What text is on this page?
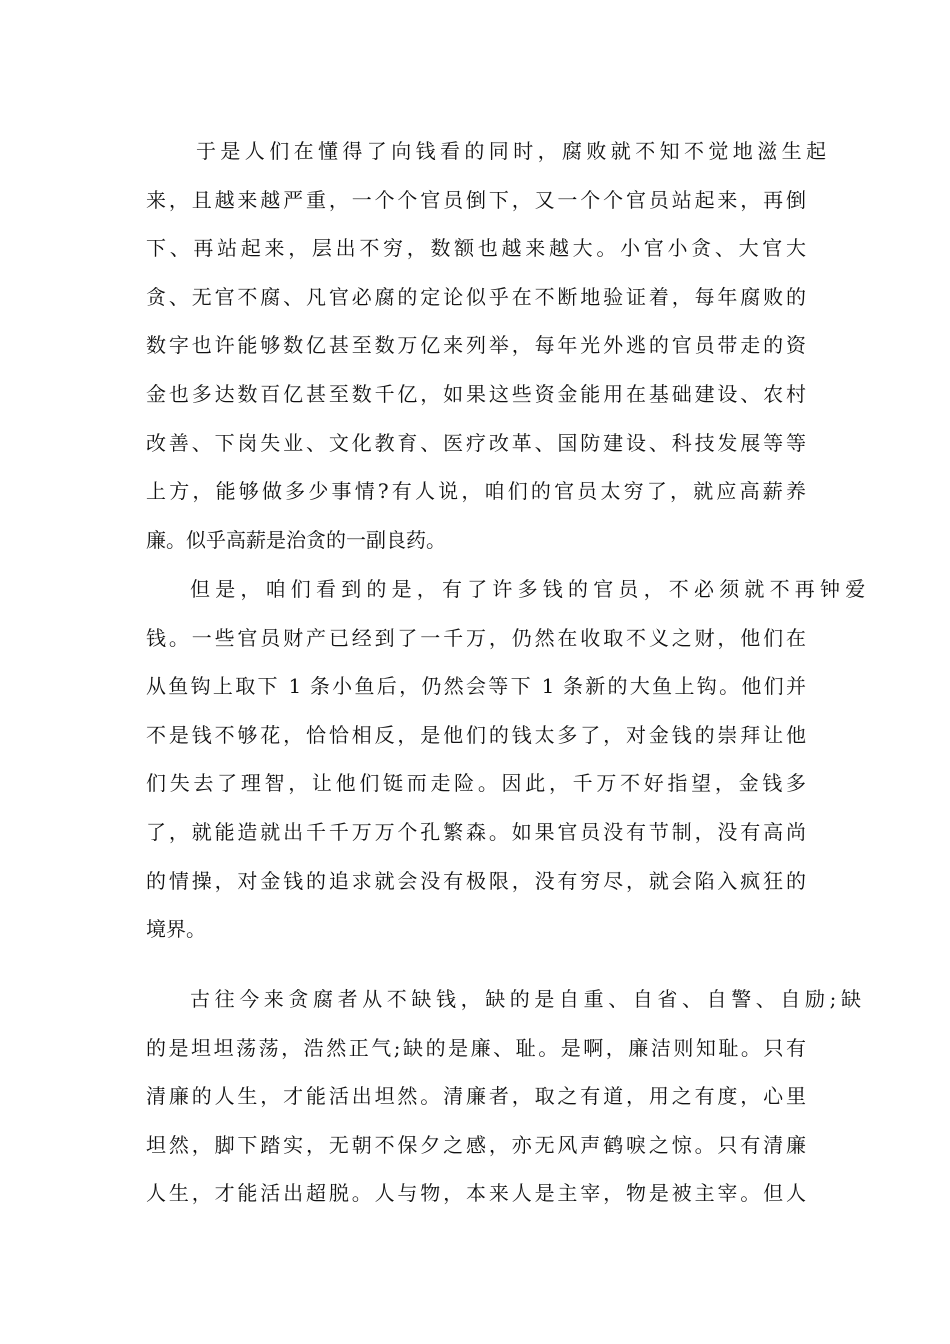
于是人们在懂得了向钱看的同时，腐败就不知不觉地滋生起
来，且越来越严重，一个个官员倒下，又一个个官员站起来，再倒
下、再站起来，层出不穷，数额也越来越大。小官小贪、大官大
贪、无官不腐、凡官必腐的定论似乎在不断地验证着，每年腐败的
数字也许能够数亿甚至数万亿来列举，每年光外逃的官员带走的资
金也多达数百亿甚至数千亿，如果这些资金能用在基础建设、农村
改善、下岗失业、文化教育、医疗改革、国防建设、科技发展等等
上方，能够做多少事情?有人说，咱们的官员太穷了，就应高薪养
廉。似乎高薪是治贪的一副良药。
但是，咱们看到的是，有了许多钱的官员，不必须就不再钟爱
钱。一些官员财产已经到了一千万，仍然在收取不义之财，他们在
从鱼钩上取下 1 条小鱼后，仍然会等下 1 条新的大鱼上钩。他们并
不是钱不够花，恰恰相反，是他们的钱太多了，对金钱的崇拜让他
们失去了理智，让他们铤而走险。因此，千万不好指望，金钱多
了，就能造就出千千万万个孔繁森。如果官员没有节制，没有高尚
的情操，对金钱的追求就会没有极限，没有穷尽，就会陷入疯狂的
境界。
古往今来贪腐者从不缺钱，缺的是自重、自省、自警、自励;缺
的是坦坦荡荡，浩然正气;缺的是廉、耻。是啊，廉洁则知耻。只有
清廉的人生，才能活出坦然。清廉者，取之有道，用之有度，心里
坦然，脚下踏实，无朝不保夕之感，亦无风声鹤唳之惊。只有清廉
人生，才能活出超脱。人与物，本来人是主宰，物是被主宰。但人
